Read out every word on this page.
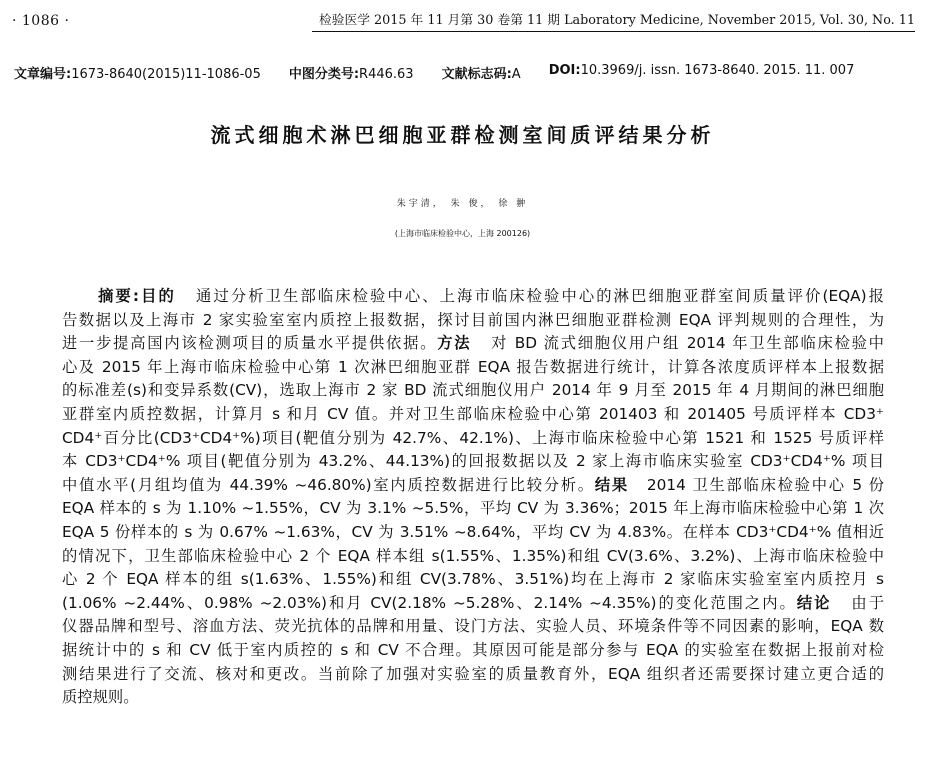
· 1086 ·	检验医学 2015 年 11 月第 30 卷第 11 期 Laboratory Medicine, November 2015, Vol. 30, No. 11
文章编号:1673-8640(2015)11-1086-05 中图分类号:R446.63 文献标志码:A DOI:10.3969/j. issn. 1673-8640. 2015. 11. 007
流式细胞术淋巴细胞亚群检测室间质评结果分析
朱宇清， 朱 俊， 徐 翀
(上海市临床检验中心，上海 200126)
摘要:目的 通过分析卫生部临床检验中心、上海市临床检验中心的淋巴细胞亚群室间质量评价(EQA)报
告数据以及上海市 2 家实验室室内质控上报数据，探讨目前国内淋巴细胞亚群检测 EQA 评判规则的合理性，为
进一步提高国内该检测项目的质量水平提供依据。方法 对 BD 流式细胞仪用户组 2014 年卫生部临床检验中
心及 2015 年上海市临床检验中心第 1 次淋巴细胞亚群 EQA 报告数据进行统计，计算各浓度质评样本上报数据
的标准差(s)和变异系数(CV)，选取上海市 2 家 BD 流式细胞仪用户 2014 年 9 月至 2015 年 4 月期间的淋巴细胞
亚群室内质控数据，计算月 s 和月 CV 值。并对卫生部临床检验中心第 201403 和 201405 号质评样本 CD3⁺
CD4⁺百分比(CD3⁺CD4⁺%)项目(靶值分别为 42.7%、42.1%)、上海市临床检验中心第 1521 和 1525 号质评样
本 CD3⁺CD4⁺% 项目(靶值分别为 43.2%、44.13%)的回报数据以及 2 家上海市临床实验室 CD3⁺CD4⁺% 项目
中值水平(月组均值为 44.39% ~46.80%)室内质控数据进行比较分析。结果 2014 卫生部临床检验中心 5 份
EQA 样本的 s 为 1.10% ~1.55%，CV 为 3.1% ~5.5%，平均 CV 为 3.36%；2015 年上海市临床检验中心第 1 次
EQA 5 份样本的 s 为 0.67% ~1.63%，CV 为 3.51% ~8.64%，平均 CV 为 4.83%。在样本 CD3⁺CD4⁺% 值相近
的情况下，卫生部临床检验中心 2 个 EQA 样本组 s(1.55%、1.35%)和组 CV(3.6%、3.2%)、上海市临床检验中
心 2 个 EQA 样本的组 s(1.63%、1.55%)和组 CV(3.78%、3.51%)均在上海市 2 家临床实验室室内质控月 s
(1.06% ~2.44%、0.98% ~2.03%)和月 CV(2.18% ~5.28%、2.14% ~4.35%)的变化范围之内。结论 由于
仪器品牌和型号、溶血方法、荧光抗体的品牌和用量、设门方法、实验人员、环境条件等不同因素的影响，EQA 数
据统计中的 s 和 CV 低于室内质控的 s 和 CV 不合理。其原因可能是部分参与 EQA 的实验室在数据上报前对检
测结果进行了交流、核对和更改。当前除了加强对实验室的质量教育外，EQA 组织者还需要探讨建立更合适的
质控规则。
